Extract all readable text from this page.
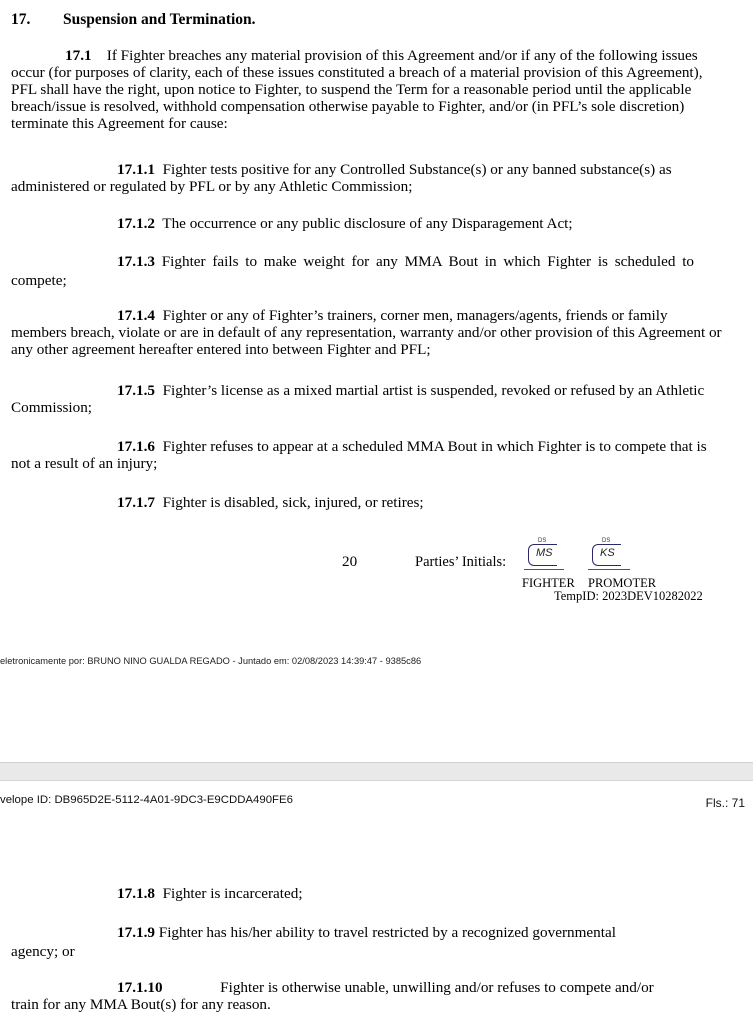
17. Suspension and Termination.
17.1 If Fighter breaches any material provision of this Agreement and/or if any of the following issues occur (for purposes of clarity, each of these issues constituted a breach of a material provision of this Agreement), PFL shall have the right, upon notice to Fighter, to suspend the Term for a reasonable period until the applicable breach/issue is resolved, withhold compensation otherwise payable to Fighter, and/or (in PFL’s sole discretion) terminate this Agreement for cause:
17.1.1 Fighter tests positive for any Controlled Substance(s) or any banned substance(s) as administered or regulated by PFL or by any Athletic Commission;
17.1.2 The occurrence or any public disclosure of any Disparagement Act;
17.1.3 Fighter fails to make weight for any MMA Bout in which Fighter is scheduled to
compete;
17.1.4 Fighter or any of Fighter’s trainers, corner men, managers/agents, friends or family members breach, violate or are in default of any representation, warranty and/or other provision of this Agreement or any other agreement hereafter entered into between Fighter and PFL;
17.1.5 Fighter’s license as a mixed martial artist is suspended, revoked or refused by an Athletic Commission;
17.1.6 Fighter refuses to appear at a scheduled MMA Bout in which Fighter is to compete that is not a result of an injury;
17.1.7 Fighter is disabled, sick, injured, or retires;
20	Parties’ Initials:
DS
MS
DS
KS
FIGHTER PROMOTER
TempID: 2023DEV10282022
eletronicamente por: BRUNO NINO GUALDA REGADO - Juntado em: 02/08/2023 14:39:47 - 9385c86
velope ID: DB965D2E-5112-4A01-9DC3-E9CDDA490FE6	Fls.: 71
17.1.8 Fighter is incarcerated;
17.1.9 Fighter has his/her ability to travel restricted by a recognized governmental
agency; or
17.1.10	Fighter is otherwise unable, unwilling and/or refuses to compete and/or
train for any MMA Bout(s) for any reason.
